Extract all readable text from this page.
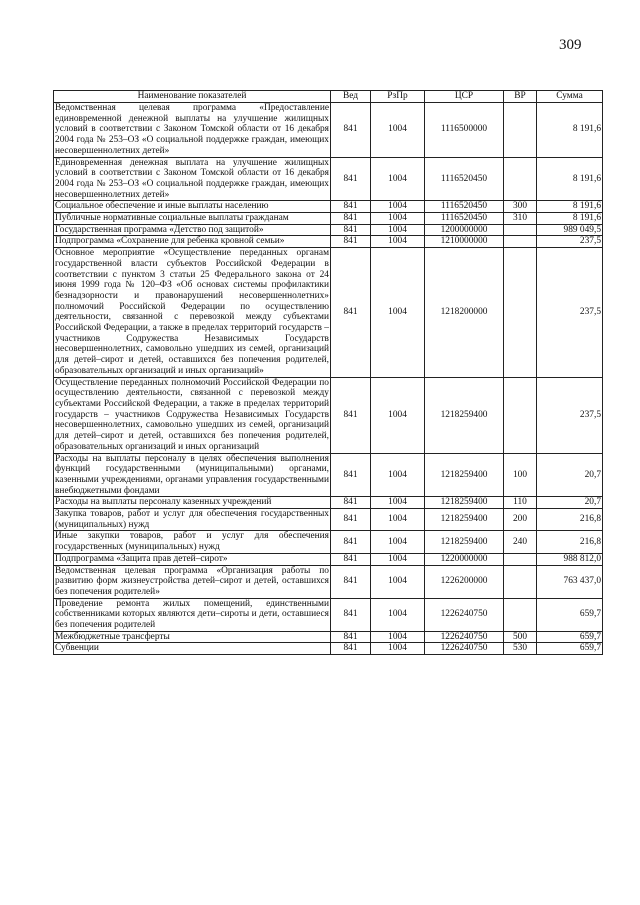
309
Наименование показателей	Вед	РзПр	ЦСР	ВР	Сумма
Ведомственная целевая программа «Предоставление единовременной денежной выплаты на улучшение жилищных условий в соответствии с Законом Томской области от 16 декабря 2004 года № 253–ОЗ «О социальной поддержке граждан, имеющих несовершеннолетних детей»	841	1004	1116500000		8 191,6
Единовременная денежная выплата на улучшение жилищных условий в соответствии с Законом Томской области от 16 декабря 2004 года № 253–ОЗ «О социальной поддержке граждан, имеющих несовершеннолетних детей»	841	1004	1116520450		8 191,6
Социальное обеспечение и иные выплаты населению	841	1004	1116520450	300	8 191,6
Публичные нормативные социальные выплаты гражданам	841	1004	1116520450	310	8 191,6
Государственная программа «Детство под защитой»	841	1004	1200000000		989 049,5
Подпрограмма «Сохранение для ребенка кровной семьи»	841	1004	1210000000		237,5
Основное мероприятие «Осуществление переданных органам государственной власти субъектов Российской Федерации в соответствии с пунктом 3 статьи 25 Федерального закона от 24 июня 1999 года № 120–ФЗ «Об основах системы профилактики безнадзорности и правонарушений несовершеннолетних» полномочий Российской Федерации по осуществлению деятельности, связанной с перевозкой между субъектами Российской Федерации, а также в пределах территорий государств – участников Содружества Независимых Государств несовершеннолетних, самовольно ушедших из семей, организаций для детей–сирот и детей, оставшихся без попечения родителей, образовательных организаций и иных организаций»	841	1004	1218200000		237,5
Осуществление переданных полномочий Российской Федерации по осуществлению деятельности, связанной с перевозкой между субъектами Российской Федерации, а также в пределах территорий государств – участников Содружества Независимых Государств несовершеннолетних, самовольно ушедших из семей, организаций для детей–сирот и детей, оставшихся без попечения родителей, образовательных организаций и иных организаций	841	1004	1218259400		237,5
Расходы на выплаты персоналу в целях обеспечения выполнения функций государственными (муниципальными) органами, казенными учреждениями, органами управления государственными внебюджетными фондами	841	1004	1218259400	100	20,7
Расходы на выплаты персоналу казенных учреждений	841	1004	1218259400	110	20,7
Закупка товаров, работ и услуг для обеспечения государственных (муниципальных) нужд	841	1004	1218259400	200	216,8
Иные закупки товаров, работ и услуг для обеспечения государственных (муниципальных) нужд	841	1004	1218259400	240	216,8
Подпрограмма «Защита прав детей–сирот»	841	1004	1220000000		988 812,0
Ведомственная целевая программа «Организация работы по развитию форм жизнеустройства детей–сирот и детей, оставшихся без попечения родителей»	841	1004	1226200000		763 437,0
Проведение ремонта жилых помещений, единственными собственниками которых являются дети–сироты и дети, оставшиеся без попечения родителей	841	1004	1226240750		659,7
Межбюджетные трансферты	841	1004	1226240750	500	659,7
Субвенции	841	1004	1226240750	530	659,7
